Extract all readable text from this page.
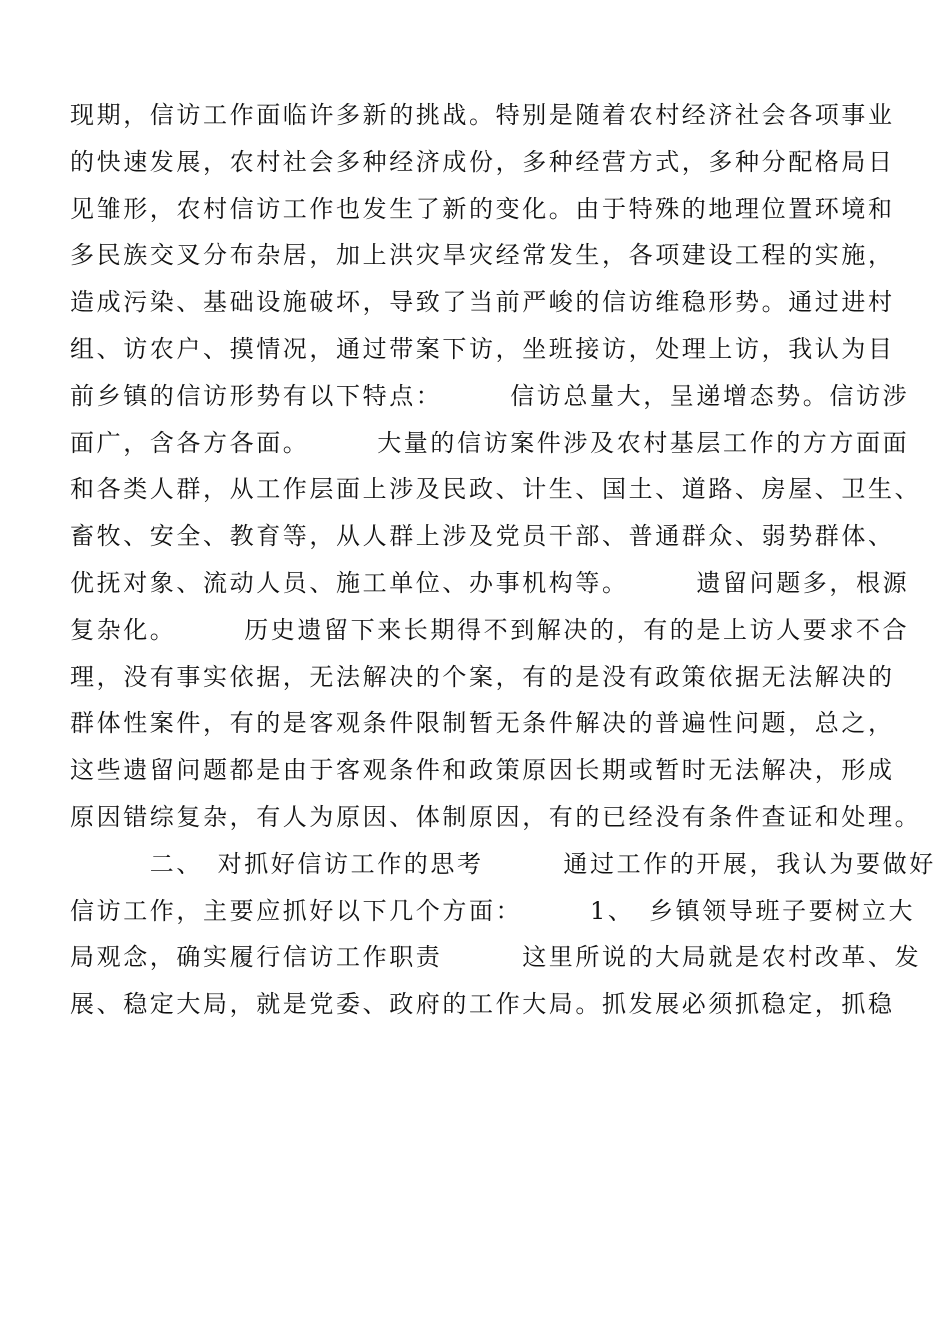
现期，信访工作面临许多新的挑战。特别是随着农村经济社会各项事业
的快速发展，农村社会多种经济成份，多种经营方式，多种分配格局日
见雏形，农村信访工作也发生了新的变化。由于特殊的地理位置环境和
多民族交叉分布杂居，加上洪灾旱灾经常发生，各项建设工程的实施，
造成污染、基础设施破坏，导致了当前严峻的信访维稳形势。通过进村
组、访农户、摸情况，通过带案下访，坐班接访，处理上访，我认为目
前乡镇的信访形势有以下特点：　　　信访总量大，呈递增态势。信访涉
面广，含各方各面。　　　大量的信访案件涉及农村基层工作的方方面面
和各类人群，从工作层面上涉及民政、计生、国土、道路、房屋、卫生、
畜牧、安全、教育等，从人群上涉及党员干部、普通群众、弱势群体、
优抚对象、流动人员、施工单位、办事机构等。　　　遗留问题多，根源
复杂化。　　　历史遗留下来长期得不到解决的，有的是上访人要求不合
理，没有事实依据，无法解决的个案，有的是没有政策依据无法解决的
群体性案件，有的是客观条件限制暂无条件解决的普遍性问题，总之，
这些遗留问题都是由于客观条件和政策原因长期或暂时无法解决，形成
原因错综复杂，有人为原因、体制原因，有的已经没有条件查证和处理。
　　　二、　对抓好信访工作的思考　　　通过工作的开展，我认为要做好
信访工作，主要应抓好以下几个方面：　　　1、　乡镇领导班子要树立大
局观念，确实履行信访工作职责　　　这里所说的大局就是农村改革、发
展、稳定大局，就是党委、政府的工作大局。抓发展必须抓稳定，抓稳
